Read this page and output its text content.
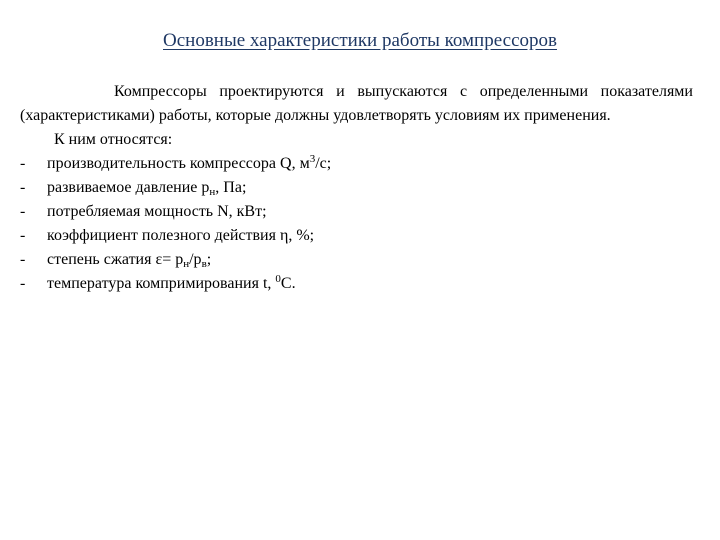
Основные характеристики работы компрессоров

Компрессоры проектируются и выпускаются с определенными показателями (характеристиками) работы, которые должны удовлетворять условиям их применения.

К ним относятся:

- производительность компрессора Q, $м^3/с$;
- развиваемое давление $р_н$, Па;
- потребляемая мощность N, кВт;
- коэффициент полезного действия η, %;
- степень сжатия $\varepsilon= р_н/р_в$;
- температура компримирования t, $^0$С.
